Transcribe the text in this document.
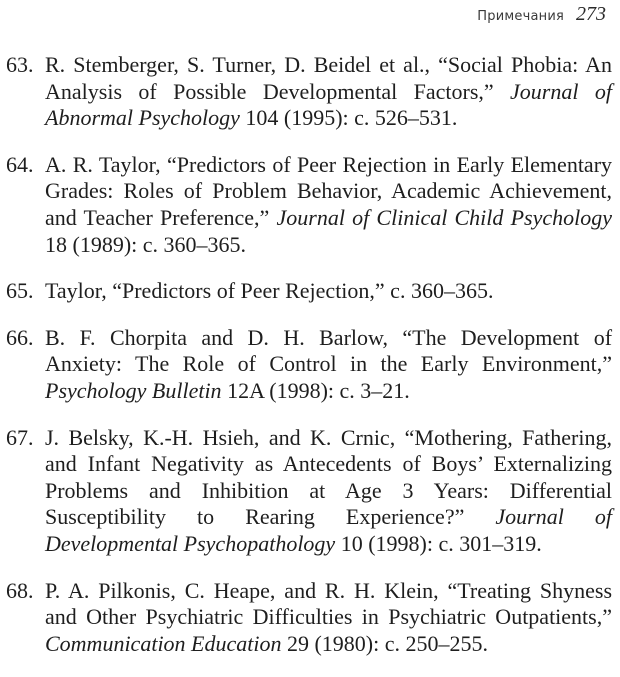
Примечания 273
63. R. Stemberger, S. Turner, D. Beidel et al., “Social Phobia: An Analysis of Possible Developmental Factors,” Journal of Abnormal Psychology 104 (1995): c. 526–531.
64. A. R. Taylor, “Predictors of Peer Rejection in Early Elementary Grades: Roles of Problem Behavior, Academic Achievement, and Teacher Preference,” Journal of Clinical Child Psychology 18 (1989): c. 360–365.
65. Taylor, “Predictors of Peer Rejection,” c. 360–365.
66. B. F. Chorpita and D. H. Barlow, “The Development of Anxiety: The Role of Control in the Early Environment,” Psychology Bulletin 12A (1998): c. 3–21.
67. J. Belsky, K.-H. Hsieh, and K. Crnic, “Mothering, Fathering, and Infant Negativity as Antecedents of Boys’ Externalizing Problems and Inhibition at Age 3 Years: Differential Susceptibility to Rearing Experience?” Journal of Developmental Psychopathology 10 (1998): c. 301–319.
68. P. A. Pilkonis, C. Heape, and R. H. Klein, “Treating Shyness and Other Psychiatric Difficulties in Psychiatric Outpatients,” Communication Education 29 (1980): c. 250–255.
